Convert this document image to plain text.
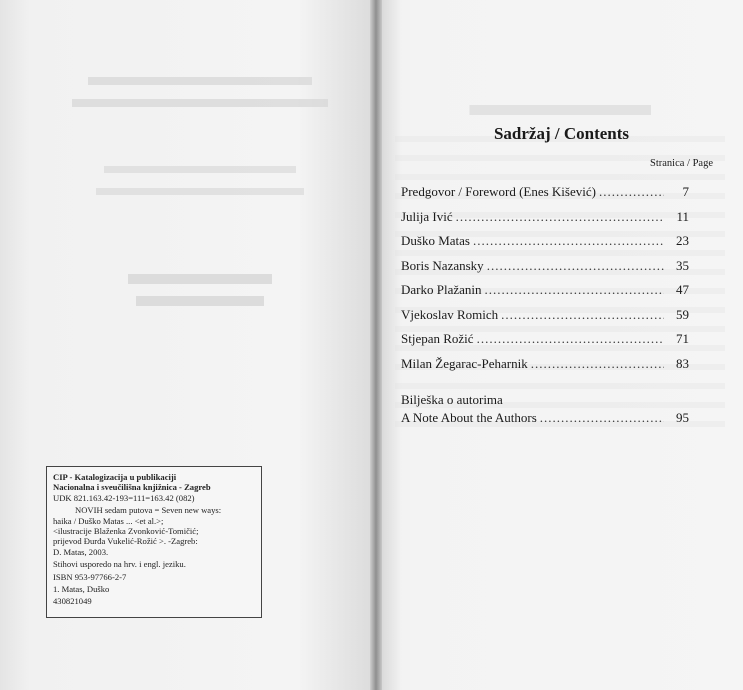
CIP - Katalogizacija u publikaciji
Nacionalna i sveučilišna knjižnica - Zagreb
UDK 821.163.42-193=111=163.42 (082)
NOVIH sedam putova = Seven new ways:
haika / Duško Matas ... <et al.>;
<ilustracije Blaženka Zvonković-Tomičić;
prijevod Đurđa Vukelić-Rožić >. -Zagreb:
D. Matas, 2003.
Stihovi usporedo na hrv. i engl. jeziku.
ISBN 953-97766-2-7
1. Matas, Duško
430821049
Sadržaj / Contents
Stranica / Page
Predgovor / Foreword (Enes Kišević) .....	7
Julija Ivić .....	11
Duško Matas .....	23
Boris Nazansky .....	35
Darko Plažanin .....	47
Vjekoslav Romich .....	59
Stjepan Rožić .....	71
Milan Žegarac-Peharnik .....	83
Bilješka o autorima
A Note About the Authors .....	95
